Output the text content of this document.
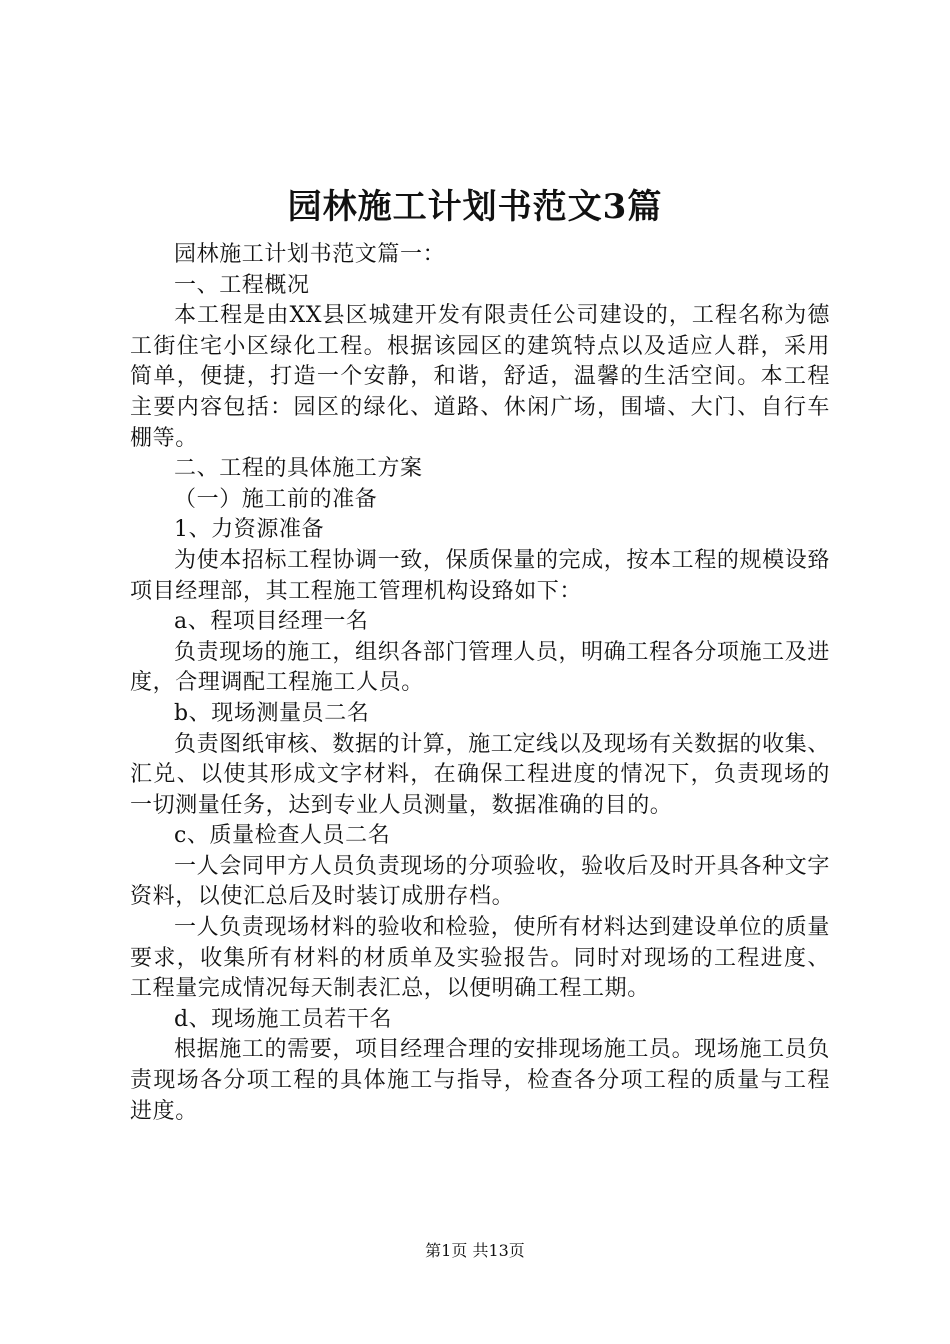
园林施工计划书范文3篇

园林施工计划书范文篇一：

一、工程概况

本工程是由XX县区城建开发有限责任公司建设的，工程名称为德工街住宅小区绿化工程。根据该园区的建筑特点以及适应人群，采用简单，便捷，打造一个安静，和谐，舒适，温馨的生活空间。本工程主要内容包括：园区的绿化、道路、休闲广场，围墙、大门、自行车棚等。

二、工程的具体施工方案

（一）施工前的准备

1、力资源准备

为使本招标工程协调一致，保质保量的完成，按本工程的规模设臵项目经理部，其工程施工管理机构设臵如下：

a、程项目经理一名

负责现场的施工，组织各部门管理人员，明确工程各分项施工及进度，合理调配工程施工人员。

b、现场测量员二名

负责图纸审核、数据的计算，施工定线以及现场有关数据的收集、汇兑、以使其形成文字材料，在确保工程进度的情况下，负责现场的一切测量任务，达到专业人员测量，数据准确的目的。

c、质量检查人员二名

一人会同甲方人员负责现场的分项验收，验收后及时开具各种文字资料，以使汇总后及时装订成册存档。

一人负责现场材料的验收和检验，使所有材料达到建设单位的质量要求，收集所有材料的材质单及实验报告。同时对现场的工程进度、工程量完成情况每天制表汇总，以便明确工程工期。

d、现场施工员若干名

根据施工的需要，项目经理合理的安排现场施工员。现场施工员负责现场各分项工程的具体施工与指导，检查各分项工程的质量与工程进度。

第1页 共13页
